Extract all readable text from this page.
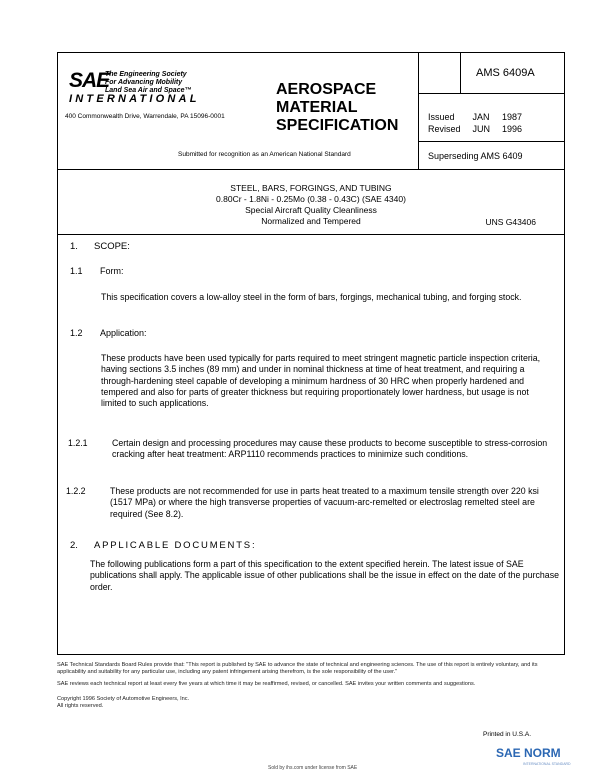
SAE
The Engineering Society
For Advancing Mobility
Land Sea Air and Space™
INTERNATIONAL
400 Commonwealth Drive, Warrendale, PA 15096-0001
AEROSPACE
MATERIAL
SPECIFICATION
Submitted for recognition as an American National Standard
AMS 6409A
Issued	JAN	1987
Revised	JUN	1996
Superseding AMS 6409
STEEL, BARS, FORGINGS, AND TUBING
0.80Cr - 1.8Ni - 0.25Mo (0.38 - 0.43C) (SAE 4340)
Special Aircraft Quality Cleanliness
Normalized and Tempered	UNS G43406
1. SCOPE:
1.1 Form:
This specification covers a low-alloy steel in the form of bars, forgings, mechanical tubing, and forging stock.
1.2 Application:
These products have been used typically for parts required to meet stringent magnetic particle inspection criteria, having sections 3.5 inches (89 mm) and under in nominal thickness at time of heat treatment, and requiring a through-hardening steel capable of developing a minimum hardness of 30 HRC when properly hardened and tempered and also for parts of greater thickness but requiring proportionately lower hardness, but usage is not limited to such applications.
1.2.1	Certain design and processing procedures may cause these products to become susceptible to stress-corrosion cracking after heat treatment: ARP1110 recommends practices to minimize such conditions.
1.2.2	These products are not recommended for use in parts heat treated to a maximum tensile strength over 220 ksi (1517 MPa) or where the high transverse properties of vacuum-arc-remelted or electroslag remelted steel are required (See 8.2).
2. APPLICABLE DOCUMENTS:
The following publications form a part of this specification to the extent specified herein. The latest issue of SAE publications shall apply. The applicable issue of other publications shall be the issue in effect on the date of the purchase order.
SAE Technical Standards Board Rules provide that: "This report is published by SAE to advance the state of technical and engineering sciences. The use of this report is entirely voluntary, and its applicability and suitability for any particular use, including any patent infringement arising therefrom, is the sole responsibility of the user."
SAE reviews each technical report at least every five years at which time it may be reaffirmed, revised, or cancelled. SAE invites your written comments and suggestions.
Copyright 1996 Society of Automotive Engineers, Inc.
All rights reserved.
Printed in U.S.A.
Sold by ihs.com under license from SAE
SAE NORM
INTERNATIONAL STANDARD
